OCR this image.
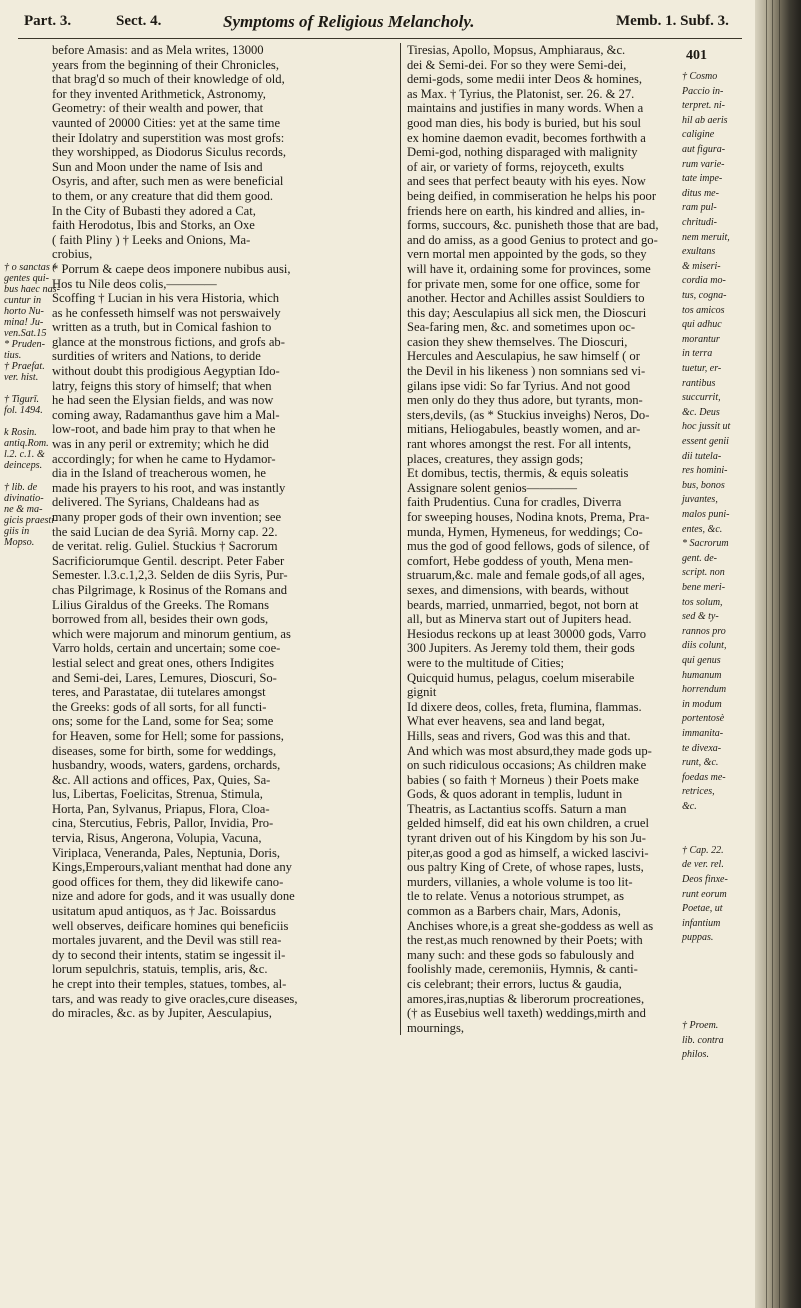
Part. 3.	Sect. 4.	Symptoms of Religious Melancholy.	Memb. 1. Subf. 3.
† o sanctas (
gentes qui-
bus haec nas-
cuntur in
horto Nu-
mina! Ju-
ven.Sat.15
* Pruden-
tius.
† Praefat.
ver. hist.
† Tigurī.
fol. 1494.
k Rosin.
antiq.Rom.
l.2. c.1. &
deinceps.
† lib. de
divinatio-
ne & ma-
gicis praesti-
giis in
Mopso.

before Amasis: and as Mela writes, 13000

years from the beginning of their Chronicles,

that brag'd so much of their knowledge of old,

for they invented Arithmetick, Astronomy,

Geometry: of their wealth and power, that

vaunted of 20000 Cities: yet at the same time

their Idolatry and superstition was most grofs:

they worshipped, as Diodorus Siculus records,

Sun and Moon under the name of Isis and

Osyris, and after, such men as were beneficial

to them, or any creature that did them good.

In the City of Bubasti they adored a Cat,

faith Herodotus, Ibis and Storks, an Oxe

( faith Pliny ) † Leeks and Onions, Ma-

crobius,

* Porrum & caepe deos imponere nubibus ausi,

Hos tu Nile deos colis,————

Scoffing † Lucian in his vera Historia, which

as he confesseth himself was not perswaively

written as a truth, but in Comical fashion to

glance at the monstrous fictions, and grofs ab-

surdities of writers and Nations, to deride

without doubt this prodigious Aegyptian Ido-

latry, feigns this story of himself; that when

he had seen the Elysian fields, and was now

coming away, Radamanthus gave him a Mal-

low-root, and bade him pray to that when he

was in any peril or extremity; which he did

accordingly; for when he came to Hydamor-

dia in the Island of treacherous women, he

made his prayers to his root, and was instantly

delivered. The Syrians, Chaldeans had as

many proper gods of their own invention; see

the said Lucian de dea Syriâ. Morny cap. 22.

de veritat. relig. Guliel. Stuckius † Sacrorum

Sacrificiorumque Gentil. descript. Peter Faber

Semester. l.3.c.1,2,3. Selden de diis Syris, Pur-

chas Pilgrimage, k Rosinus of the Romans and

Lilius Giraldus of the Greeks. The Romans

borrowed from all, besides their own gods,

which were majorum and minorum gentium, as

Varro holds, certain and uncertain; some coe-

lestial select and great ones, others Indigites

and Semi-dei, Lares, Lemures, Dioscuri, So-

teres, and Parastatae, dii tutelares amongst

the Greeks: gods of all sorts, for all functi-

ons; some for the Land, some for Sea; some

for Heaven, some for Hell; some for passions,

diseases, some for birth, some for weddings,

husbandry, woods, waters, gardens, orchards,

&c. All actions and offices, Pax, Quies, Sa-

lus, Libertas, Foelicitas, Strenua, Stimula,

Horta, Pan, Sylvanus, Priapus, Flora, Cloa-

cina, Stercutius, Febris, Pallor, Invidia, Pro-

tervia, Risus, Angerona, Volupia, Vacuna,

Viriplaca, Veneranda, Pales, Neptunia, Doris,

Kings,Emperours,valiant menthat had done any

good offices for them, they did likewife cano-

nize and adore for gods, and it was usually done

usitatum apud antiquos, as † Jac. Boissardus

well observes, deificare homines qui beneficiis

mortales juvarent, and the Devil was still rea-

dy to second their intents, statim se ingessit il-

lorum sepulchris, statuis, templis, aris, &c.

he crept into their temples, statues, tombes, al-

tars, and was ready to give oracles,cure diseases,

do miracles, &c. as by Jupiter, Aesculapius,

Tiresias, Apollo, Mopsus, Amphiaraus, &c.

dei & Semi-dei. For so they were Semi-dei,

demi-gods, some medii inter Deos & homines,

as Max. † Tyrius, the Platonist, ser. 26. & 27.

maintains and justifies in many words. When a

good man dies, his body is buried, but his soul

ex homine daemon evadit, becomes forthwith a

Demi-god, nothing disparaged with malignity

of air, or variety of forms, rejoyceth, exults

and sees that perfect beauty with his eyes. Now

being deified, in commiseration he helps his poor

friends here on earth, his kindred and allies, in-

forms, succours, &c. punisheth those that are bad,

and do amiss, as a good Genius to protect and go-

vern mortal men appointed by the gods, so they

will have it, ordaining some for provinces, some

for private men, some for one office, some for

another. Hector and Achilles assist Souldiers to

this day; Aesculapius all sick men, the Dioscuri

Sea-faring men, &c. and sometimes upon oc-

casion they shew themselves. The Dioscuri,

Hercules and Aesculapius, he saw himself ( or

the Devil in his likeness ) non somnians sed vi-

gilans ipse vidi: So far Tyrius. And not good

men only do they thus adore, but tyrants, mon-

sters,devils, (as * Stuckius inveighs) Neros, Do-

mitians, Heliogabules, beastly women, and ar-

rant whores amongst the rest. For all intents,

places, creatures, they assign gods;

Et domibus, tectis, thermis, & equis soleatis

Assignare solent genios————

faith Prudentius. Cuna for cradles, Diverra

for sweeping houses, Nodina knots, Prema, Pra-

munda, Hymen, Hymeneus, for weddings; Co-

mus the god of good fellows, gods of silence, of

comfort, Hebe goddess of youth, Mena men-

struarum,&c. male and female gods,of all ages,

sexes, and dimensions, with beards, without

beards, married, unmarried, begot, not born at

all, but as Minerva start out of Jupiters head.

Hesiodus reckons up at least 30000 gods, Varro

300 Jupiters. As Jeremy told them, their gods

were to the multitude of Cities;

Quicquid humus, pelagus, coelum miserabile

gignit

Id dixere deos, colles, freta, flumina, flammas.

What ever heavens, sea and land begat,

Hills, seas and rivers, God was this and that.

And which was most absurd,they made gods up-

on such ridiculous occasions; As children make

babies ( so faith † Morneus ) their Poets make

Gods, & quos adorant in templis, ludunt in

Theatris, as Lactantius scoffs. Saturn a man

gelded himself, did eat his own children, a cruel

tyrant driven out of his Kingdom by his son Ju-

piter,as good a god as himself, a wicked lascivi-

ous paltry King of Crete, of whose rapes, lusts,

murders, villanies, a whole volume is too lit-

tle to relate. Venus a notorious strumpet, as

common as a Barbers chair, Mars, Adonis,

Anchises whore,is a great she-goddess as well as

the rest,as much renowned by their Poets; with

many such: and these gods so fabulously and

foolishly made, ceremoniis, Hymnis, & canti-

cis celebrant; their errors, luctus & gaudia,

amores,iras,nuptias & liberorum procreationes,

(† as Eusebius well taxeth) weddings,mirth and

mournings,

401
† Cosmo
Paccio in-
terpret. ni-
hil ab aeris
caligine
aut figura-
rum varie-
tate impe-
ditus me-
ram pul-
chritudi-
nem meruit,
exultans
& miseri-
cordia mo-
tus, cogna-
tos amicos
qui adhuc
morantur
in terra
tuetur, er-
rantibus
succurrit,
&c. Deus
hoc jussit ut
essent genii
dii tutela-
res homini-
bus, bonos
juvantes,
malos puni-
entes, &c.
* Sacrorum
gent. de-
script. non
bene meri-
tos solum,
sed & ty-
rannos pro
diis colunt,
qui genus
humanum
horrendum
in modum
portentosè
immanita-
te divexa-
runt, &c.
foedas me-
retrices,
&c.
† Cap. 22.
de ver. rel.
Deos finxe-
runt eorum
Poetae, ut
infantium
puppas.
† Proem.
lib. contra
philos.
